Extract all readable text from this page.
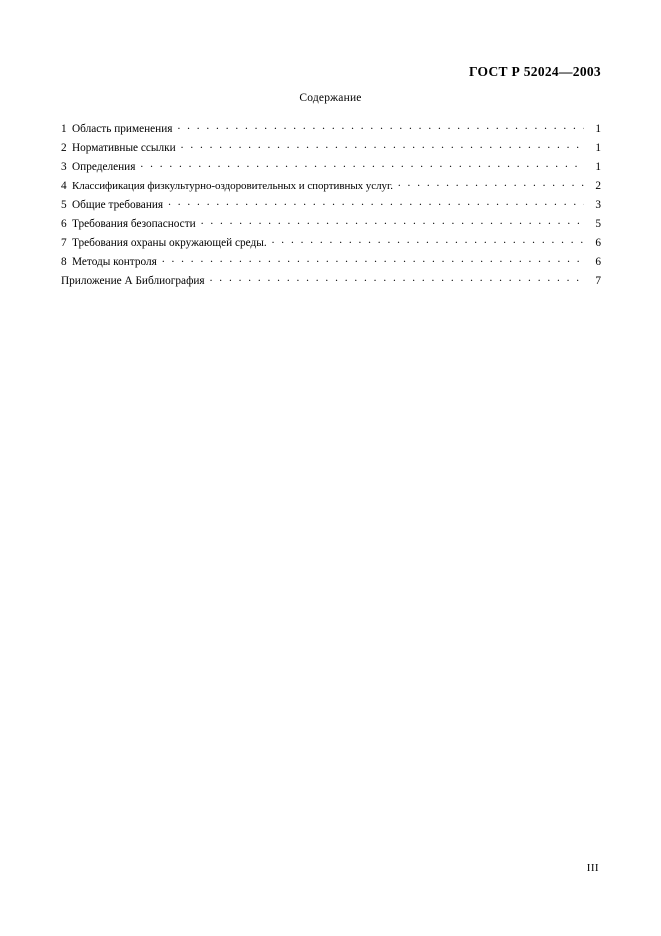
ГОСТ Р 52024—2003
Содержание
1 Область применения . . .	1
2 Нормативные ссылки . . .	1
3 Определения . . .	1
4 Классификация физкультурно-оздоровительных и спортивных услуг. . . .	2
5 Общие требования . . .	3
6 Требования безопасности . . .	5
7 Требования охраны окружающей среды. . . .	6
8 Методы контроля . . .	6
Приложение А Библиография . . .	7
III
